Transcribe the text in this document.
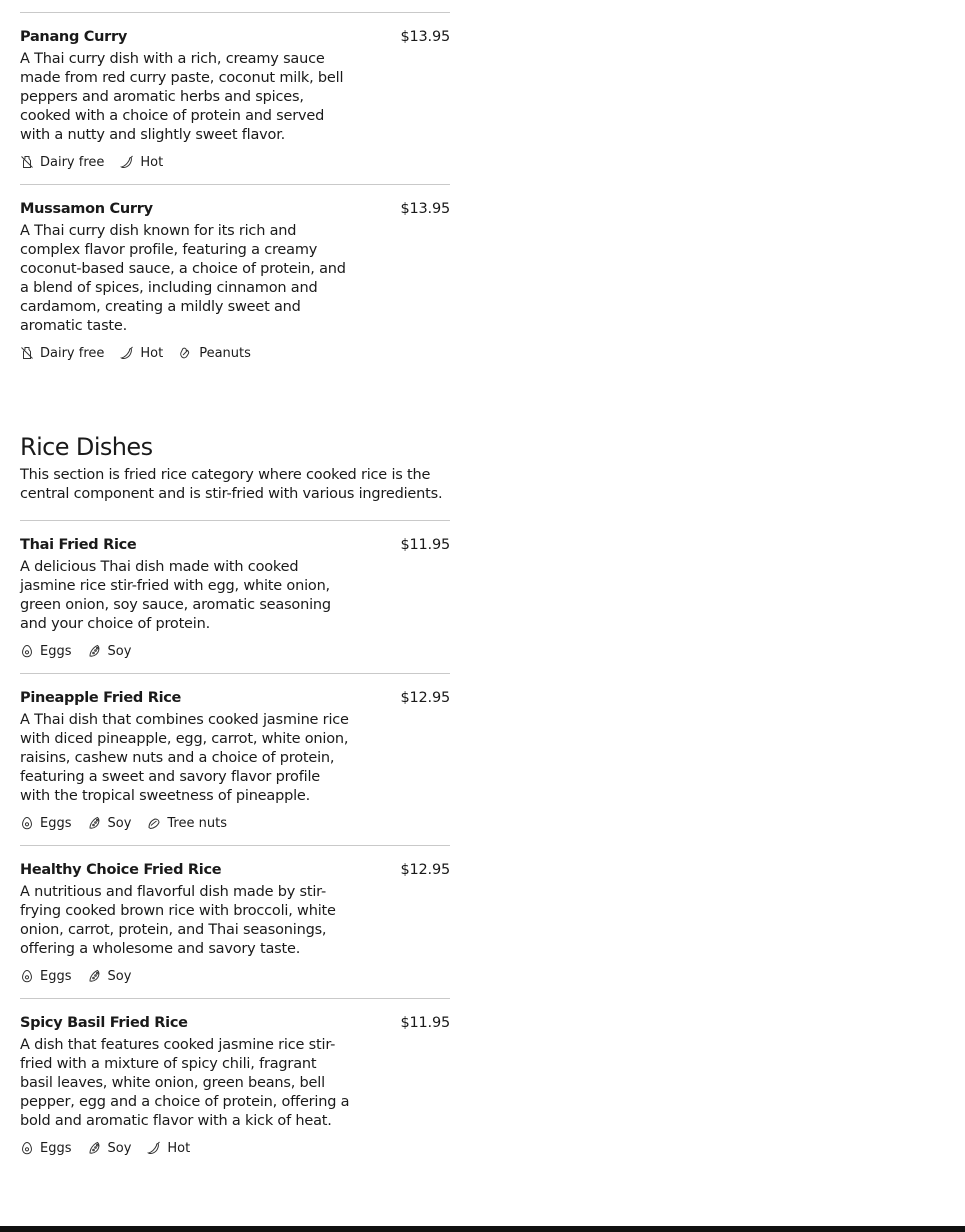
Panang Curry	$13.95
A Thai curry dish with a rich, creamy sauce made from red curry paste, coconut milk, bell peppers and aromatic herbs and spices, cooked with a choice of protein and served with a nutty and slightly sweet flavor.
Dairy free	Hot
Mussamon Curry	$13.95
A Thai curry dish known for its rich and complex flavor profile, featuring a creamy coconut-based sauce, a choice of protein, and a blend of spices, including cinnamon and cardamom, creating a mildly sweet and aromatic taste.
Dairy free	Hot	Peanuts
Rice Dishes
This section is fried rice category where cooked rice is the central component and is stir-fried with various ingredients.
Thai Fried Rice	$11.95
A delicious Thai dish made with cooked jasmine rice stir-fried with egg, white onion, green onion, soy sauce, aromatic seasoning and your choice of protein.
Eggs	Soy
Pineapple Fried Rice	$12.95
A Thai dish that combines cooked jasmine rice with diced pineapple, egg, carrot, white onion, raisins, cashew nuts and a choice of protein, featuring a sweet and savory flavor profile with the tropical sweetness of pineapple.
Eggs	Soy	Tree nuts
Healthy Choice Fried Rice	$12.95
A nutritious and flavorful dish made by stir-frying cooked brown rice with broccoli, white onion, carrot, protein, and Thai seasonings, offering a wholesome and savory taste.
Eggs	Soy
Spicy Basil Fried Rice	$11.95
A dish that features cooked jasmine rice stir-fried with a mixture of spicy chili, fragrant basil leaves, white onion, green beans, bell pepper, egg and a choice of protein, offering a bold and aromatic flavor with a kick of heat.
Eggs	Soy	Hot
